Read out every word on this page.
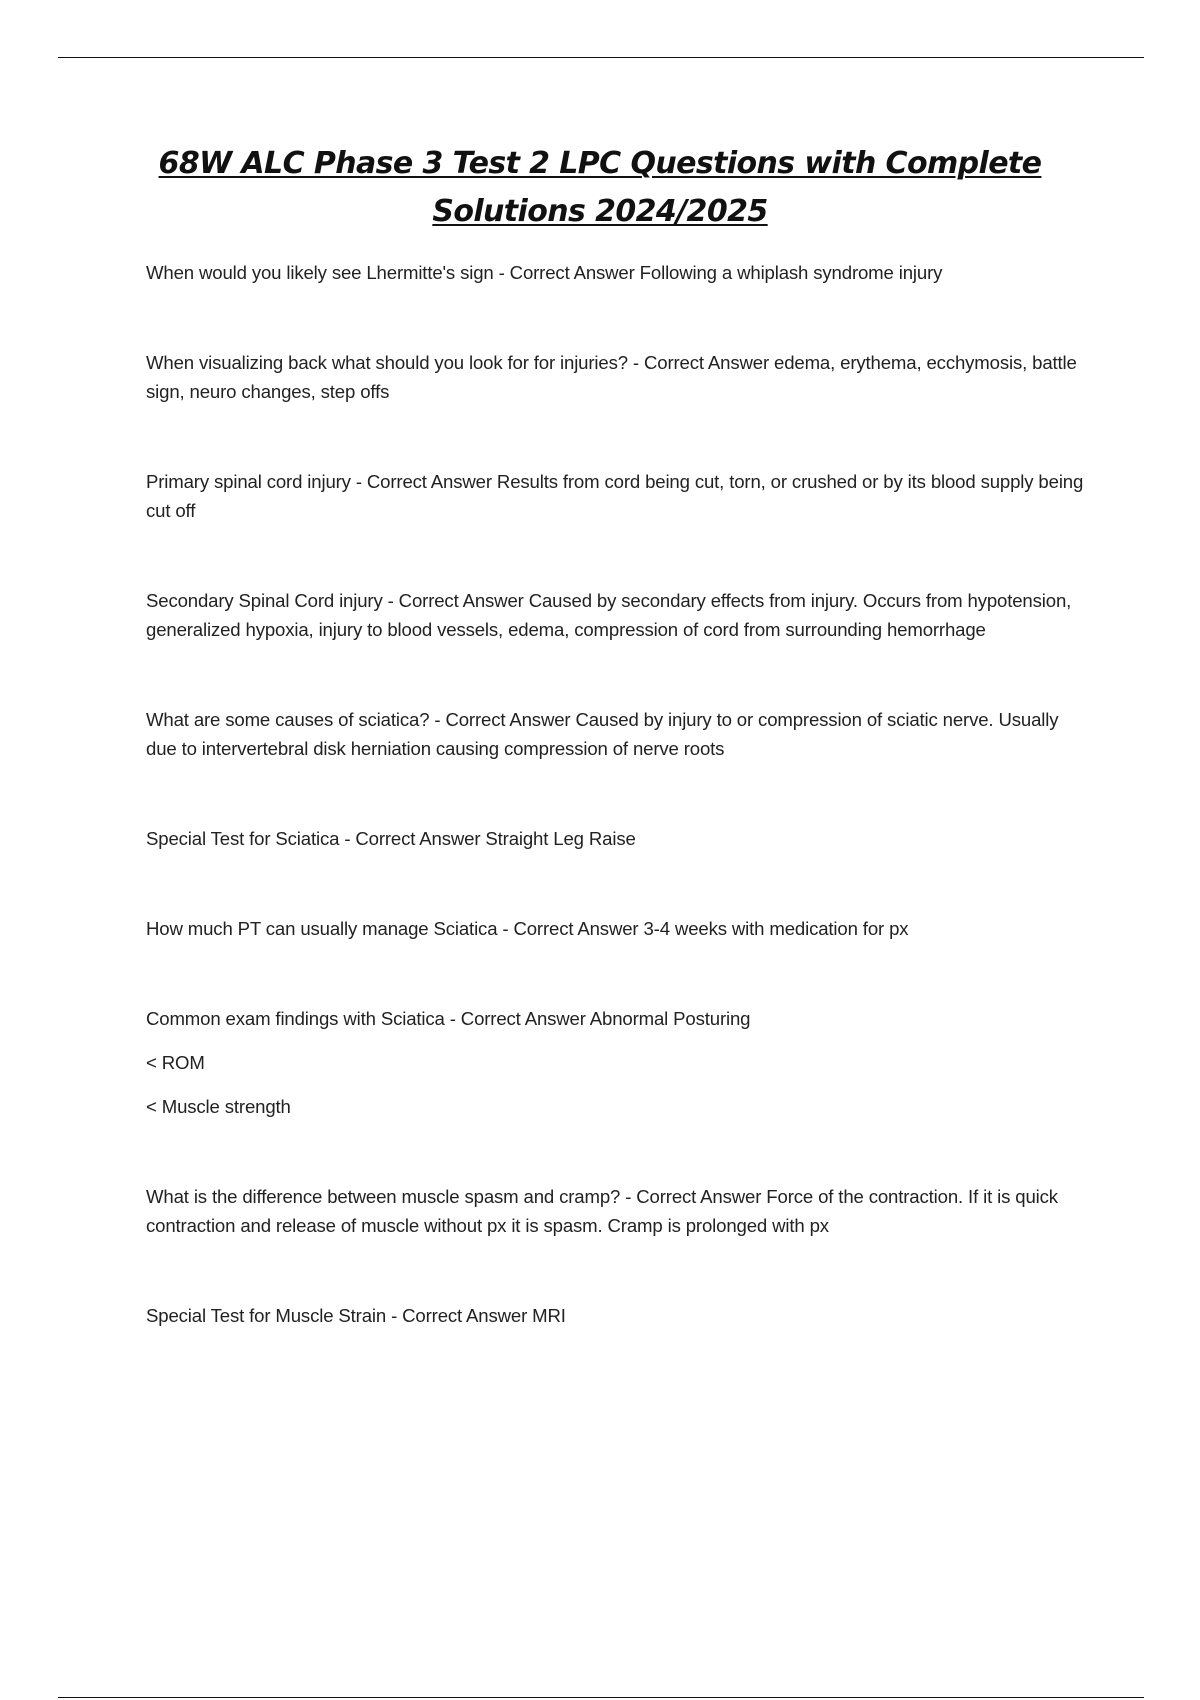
68W ALC Phase 3 Test 2 LPC Questions with Complete
Solutions 2024/2025

When would you likely see Lhermitte's sign - Correct Answer Following a whiplash syndrome injury

When visualizing back what should you look for for injuries? - Correct Answer edema, erythema, ecchymosis, battle sign, neuro changes, step offs

Primary spinal cord injury - Correct Answer Results from cord being cut, torn, or crushed or by its blood supply being cut off

Secondary Spinal Cord injury - Correct Answer Caused by secondary effects from injury. Occurs from hypotension, generalized hypoxia, injury to blood vessels, edema, compression of cord from surrounding hemorrhage

What are some causes of sciatica? - Correct Answer Caused by injury to or compression of sciatic nerve. Usually due to intervertebral disk herniation causing compression of nerve roots

Special Test for Sciatica - Correct Answer Straight Leg Raise

How much PT can usually manage Sciatica - Correct Answer 3-4 weeks with medication for px

Common exam findings with Sciatica - Correct Answer Abnormal Posturing
< ROM
< Muscle strength

What is the difference between muscle spasm and cramp? - Correct Answer Force of the contraction. If it is quick contraction and release of muscle without px it is spasm. Cramp is prolonged with px

Special Test for Muscle Strain - Correct Answer MRI
